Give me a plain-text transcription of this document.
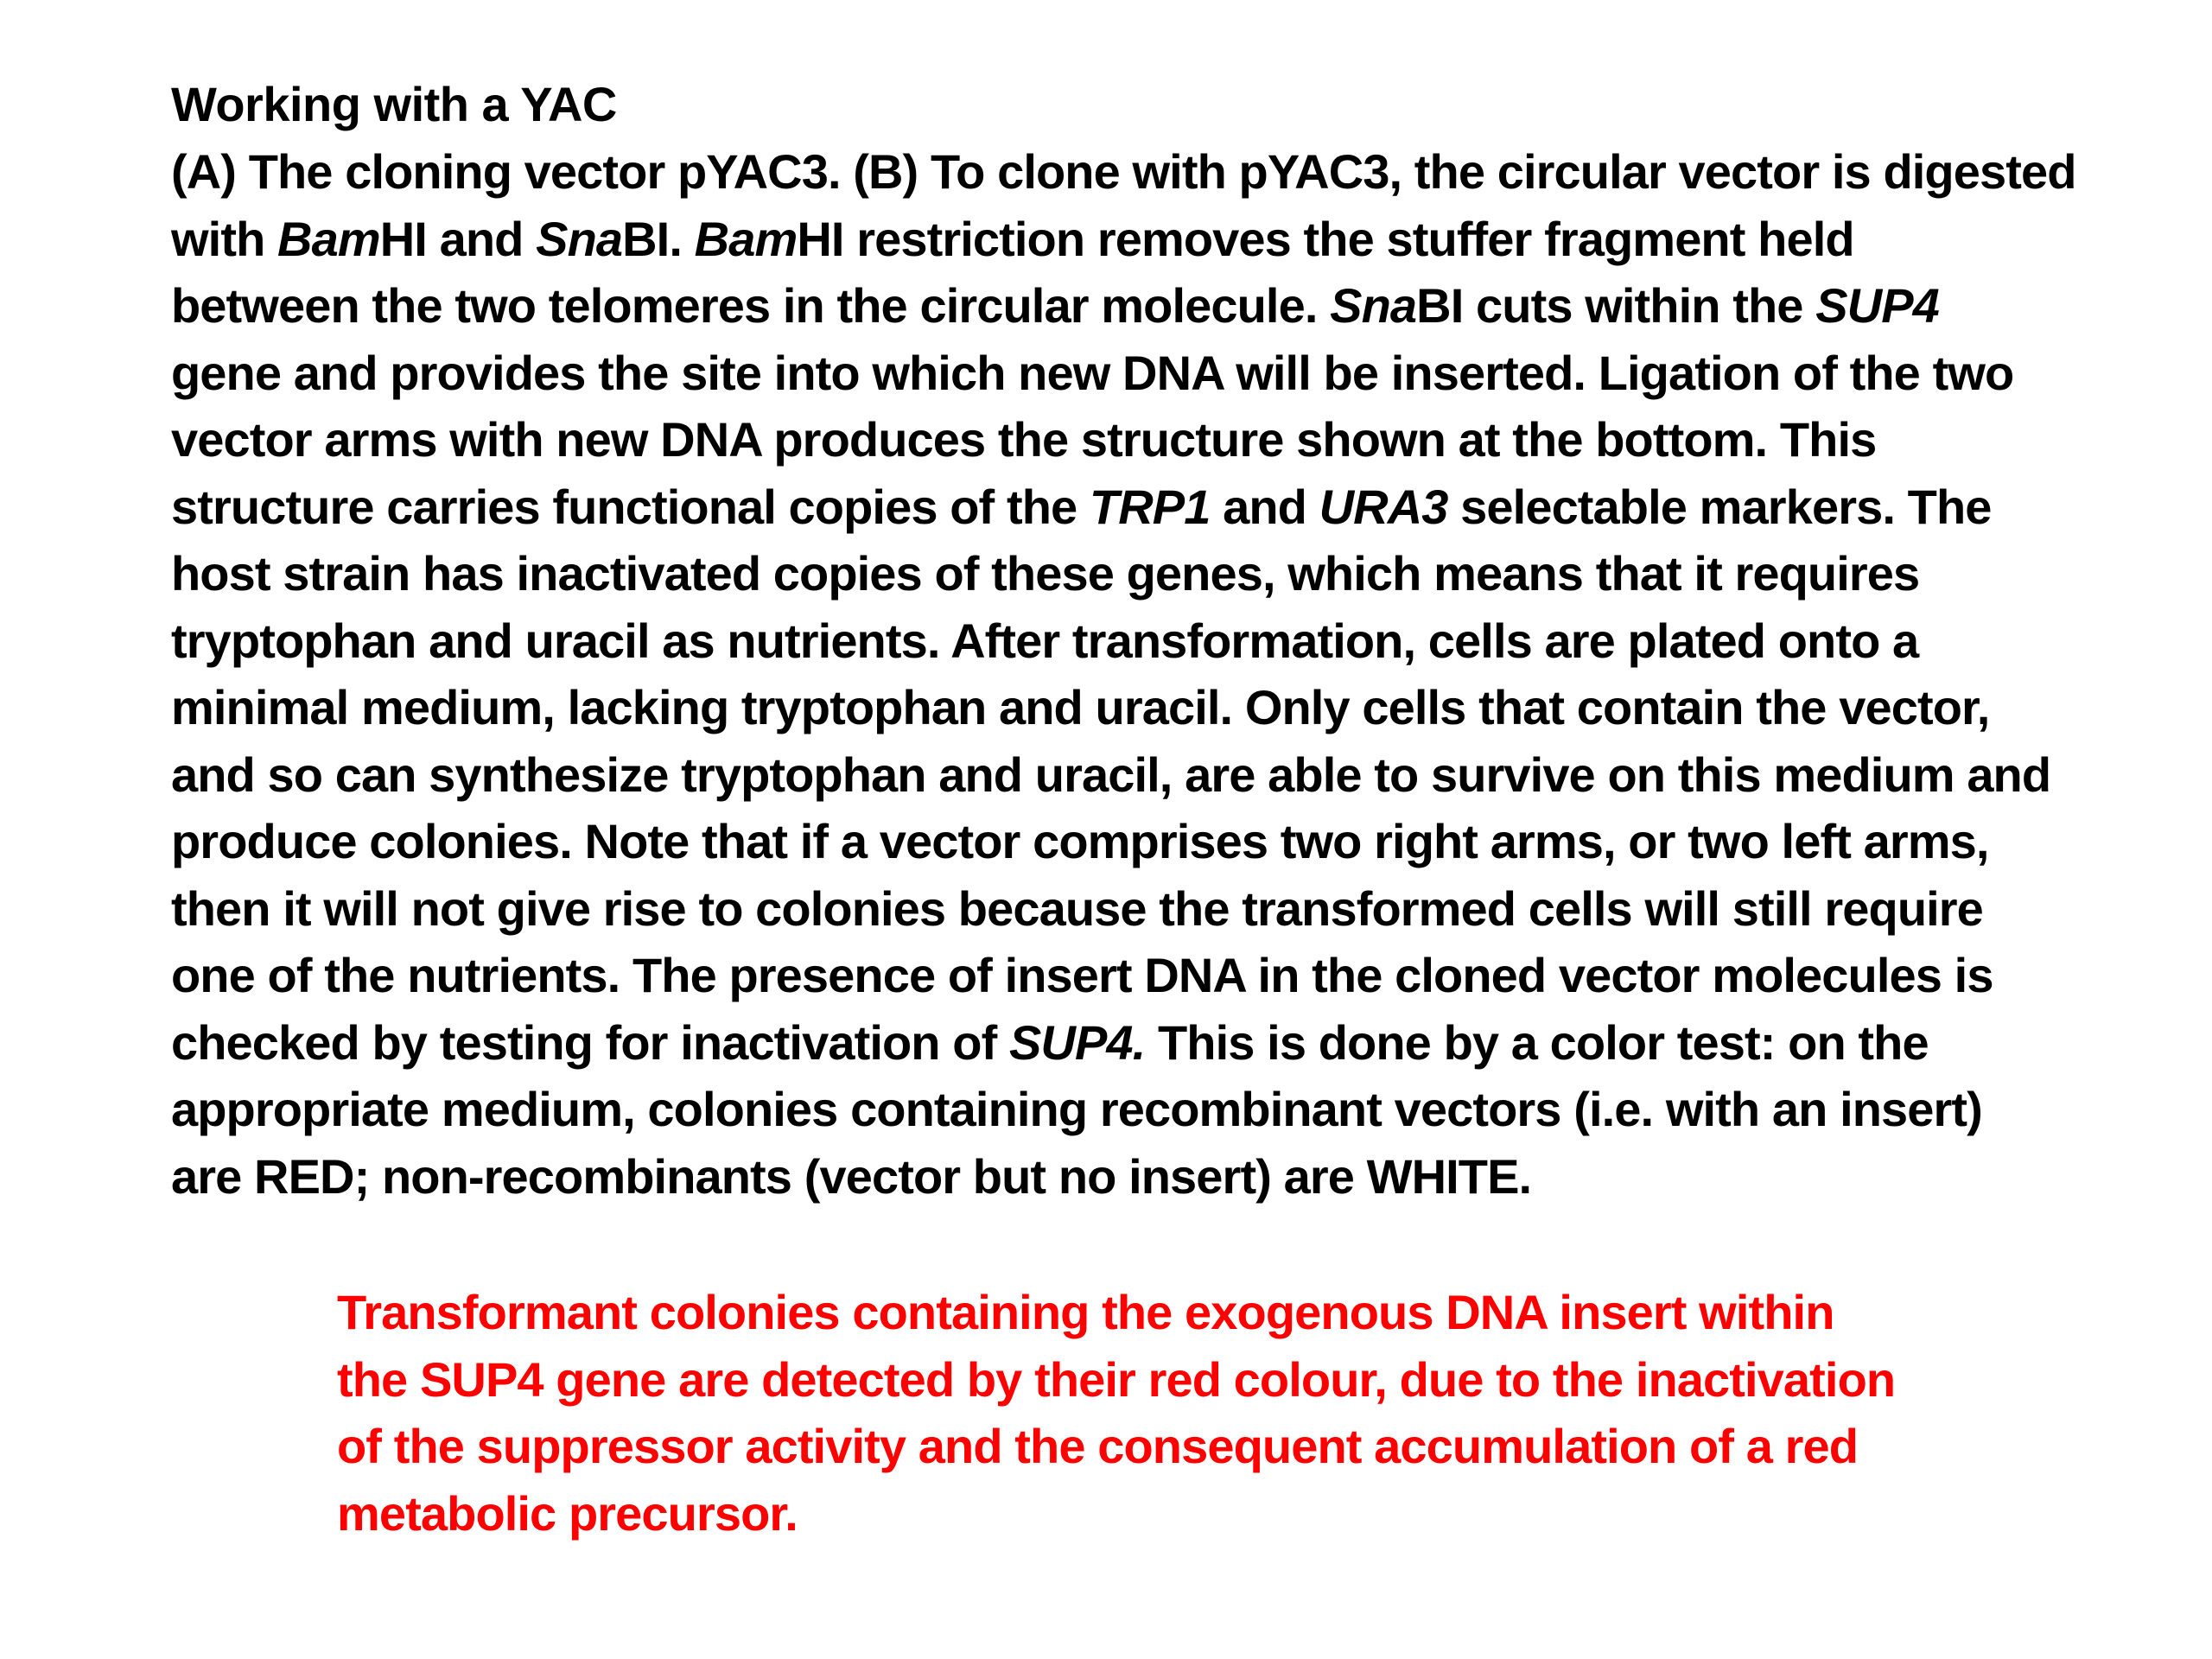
Working with a YAC
(A) The cloning vector pYAC3. (B) To clone with pYAC3, the circular vector is digested
with BamHI and SnaBI. BamHI restriction removes the stuffer fragment held
between the two telomeres in the circular molecule. SnaBI cuts within the SUP4
gene and provides the site into which new DNA will be inserted. Ligation of the two
vector arms with new DNA produces the structure shown at the bottom. This
structure carries functional copies of the TRP1 and URA3 selectable markers. The
host strain has inactivated copies of these genes, which means that it requires
tryptophan and uracil as nutrients. After transformation, cells are plated onto a
minimal medium, lacking tryptophan and uracil. Only cells that contain the vector,
and so can synthesize tryptophan and uracil, are able to survive on this medium and
produce colonies. Note that if a vector comprises two right arms, or two left arms,
then it will not give rise to colonies because the transformed cells will still require
one of the nutrients. The presence of insert DNA in the cloned vector molecules is
checked by testing for inactivation of SUP4. This is done by a color test: on the
appropriate medium, colonies containing recombinant vectors (i.e. with an insert)
are RED; non-recombinants (vector but no insert) are WHITE.
Transformant colonies containing the exogenous DNA insert within
the SUP4 gene are detected by their red colour, due to the inactivation
of the suppressor activity and the consequent accumulation of a red
metabolic precursor.
